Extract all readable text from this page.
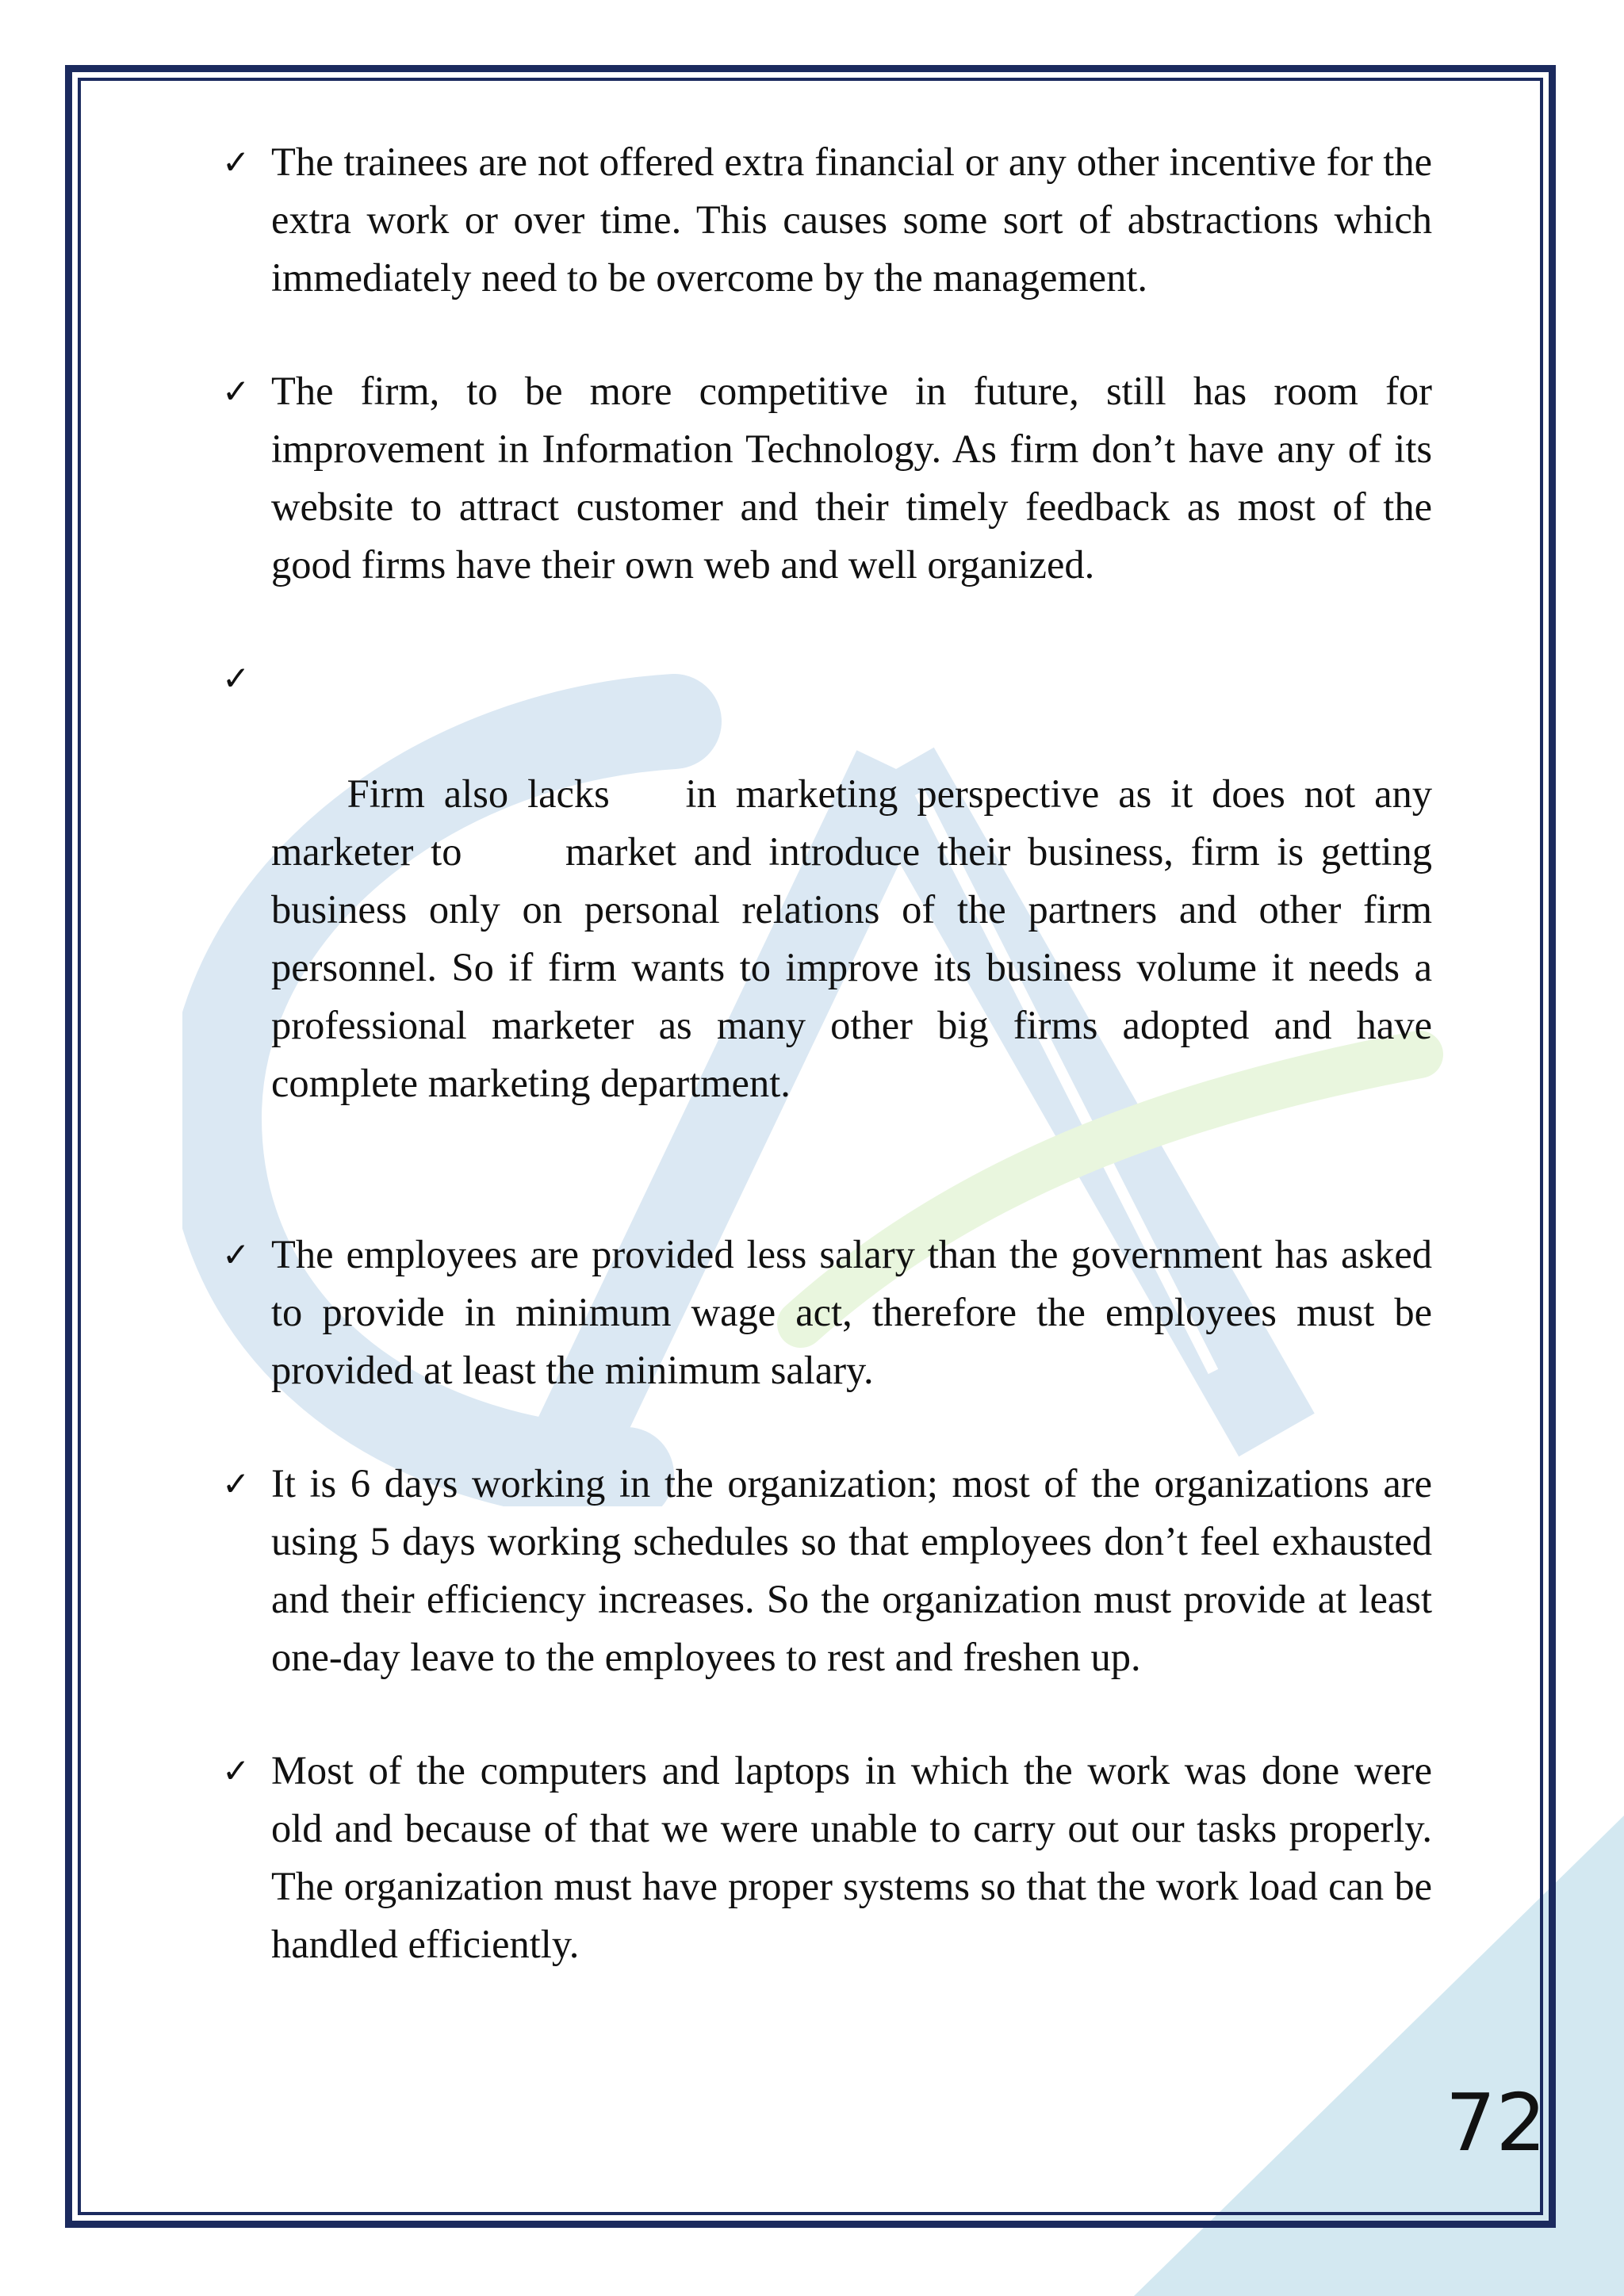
✓ The trainees are not offered extra financial or any other incentive for the extra work or over time. This causes some sort of abstractions which immediately need to be overcome by the management.
✓ The firm, to be more competitive in future, still has room for improvement in Information Technology. As firm don’t have any of its website to attract customer and their timely feedback as most of the good firms have their own web and well organized.

✓

Firm also lacks    in marketing perspective as it does not any marketer to      market and introduce their business, firm is getting business only on personal relations of the partners and other firm personnel. So if firm wants to improve its business volume it needs a professional marketer as many other big firms adopted and have complete marketing department.

✓ The employees are provided less salary than the government has asked to provide in minimum wage act, therefore the employees must be provided at least the minimum salary.
✓ It is 6 days working in the organization; most of the organizations are using 5 days working schedules so that employees don’t feel exhausted and their efficiency increases. So the organization must provide at least one-day leave to the employees to rest and freshen up.
✓ Most of the computers and laptops in which the work was done were old and because of that we were unable to carry out our tasks properly. The organization must have proper systems so that the work load can be handled efficiently.
72
